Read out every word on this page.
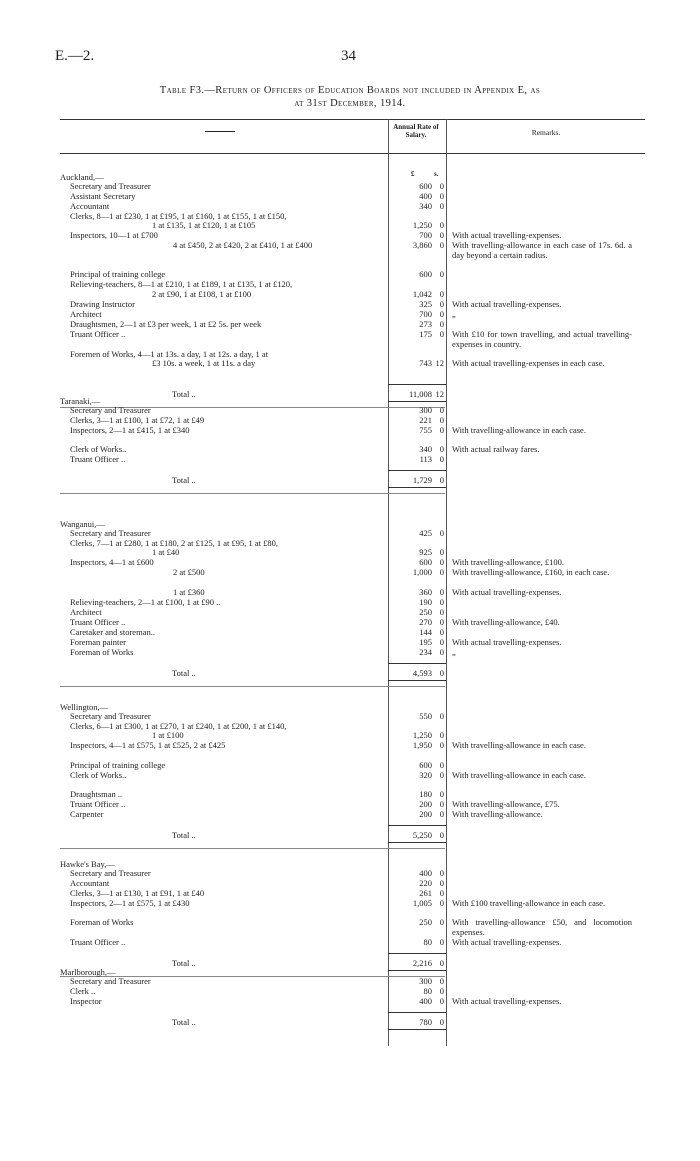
E.—2.	34
Table F3.—Return of Officers of Education Boards not included in Appendix E, as
at 31st December, 1914.
Annual Rate of Salary.	Remarks.
£	s.
Auckland,—
Secretary and Treasurer	600 0
Assistant Secretary	400 0
Accountant	340 0
Clerks, 8—1 at £230, 1 at £195, 1 at £160, 1 at £155, 1 at £150,
1 at £135, 1 at £120, 1 at £105	1,250 0
Inspectors, 10—1 at £700	700 0 With actual travelling-expenses.
4 at £450, 2 at £420, 2 at £410, 1 at £400	3,860 0 With travelling-allowance in each case of 17s. 6d. a day beyond a certain radius.
Principal of training college	600 0
Relieving-teachers, 8—1 at £210, 1 at £189, 1 at £135, 1 at £120,
2 at £90, 1 at £108, 1 at £100	1,042 0
Drawing Instructor	325 0 With actual travelling-expenses.
Architect	700 0 „
Draughtsmen, 2—1 at £3 per week, 1 at £2 5s. per week	273 0
Truant Officer ..	175 0 With £10 for town travelling, and actual travelling-expenses in country.
Foremen of Works, 4—1 at 13s. a day, 1 at 12s. a day, 1 at
£3 10s. a week, 1 at 11s. a day	743 12 With actual travelling-expenses in each case.
Total ..	11,008 12
Taranaki,—
Secretary and Treasurer	300 0
Clerks, 3—1 at £100, 1 at £72, 1 at £49	221 0
Inspectors, 2—1 at £415, 1 at £340	755 0 With travelling-allowance in each case.
Clerk of Works..	340 0 With actual railway fares.
Truant Officer ..	113 0
Total ..	1,729 0
Wanganui,—
Secretary and Treasurer	425 0
Clerks, 7—1 at £280, 1 at £180, 2 at £125, 1 at £95, 1 at £80,
1 at £40	925 0
Inspectors, 4—1 at £600	600 0 With travelling-allowance, £100.
2 at £500	1,000 0 With travelling-allowance, £160, in each case.
1 at £360	360 0 With actual travelling-expenses.
Relieving-teachers, 2—1 at £100, 1 at £90 ..	190 0
Architect	250 0
Truant Officer ..	270 0 With travelling-allowance, £40.
Caretaker and storeman..	144 0
Foreman painter	195 0 With actual travelling-expenses.
Foreman of Works	234 0 „
Total ..	4,593 0
Wellington,—
Secretary and Treasurer	550 0
Clerks, 6—1 at £300, 1 at £270, 1 at £240, 1 at £200, 1 at £140,
1 at £100	1,250 0
Inspectors, 4—1 at £575, 1 at £525, 2 at £425	1,950 0 With travelling-allowance in each case.
Principal of training college	600 0
Clerk of Works..	320 0 With travelling-allowance in each case.
Draughtsman ..	180 0
Truant Officer ..	200 0 With travelling-allowance, £75.
Carpenter	200 0 With travelling-allowance.
Total ..	5,250 0
Hawke's Bay,—
Secretary and Treasurer	400 0
Accountant	220 0
Clerks, 3—1 at £130, 1 at £91, 1 at £40	261 0
Inspectors, 2—1 at £575, 1 at £430	1,005 0 With £100 travelling-allowance in each case.
Foreman of Works	250 0 With travelling-allowance £50, and locomotion expenses.
Truant Officer ..	80 0 With actual travelling-expenses.
Total ..	2,216 0
Marlborough,—
Secretary and Treasurer	300 0
Clerk ..	80 0
Inspector	400 0 With actual travelling-expenses.
Total ..	780 0
